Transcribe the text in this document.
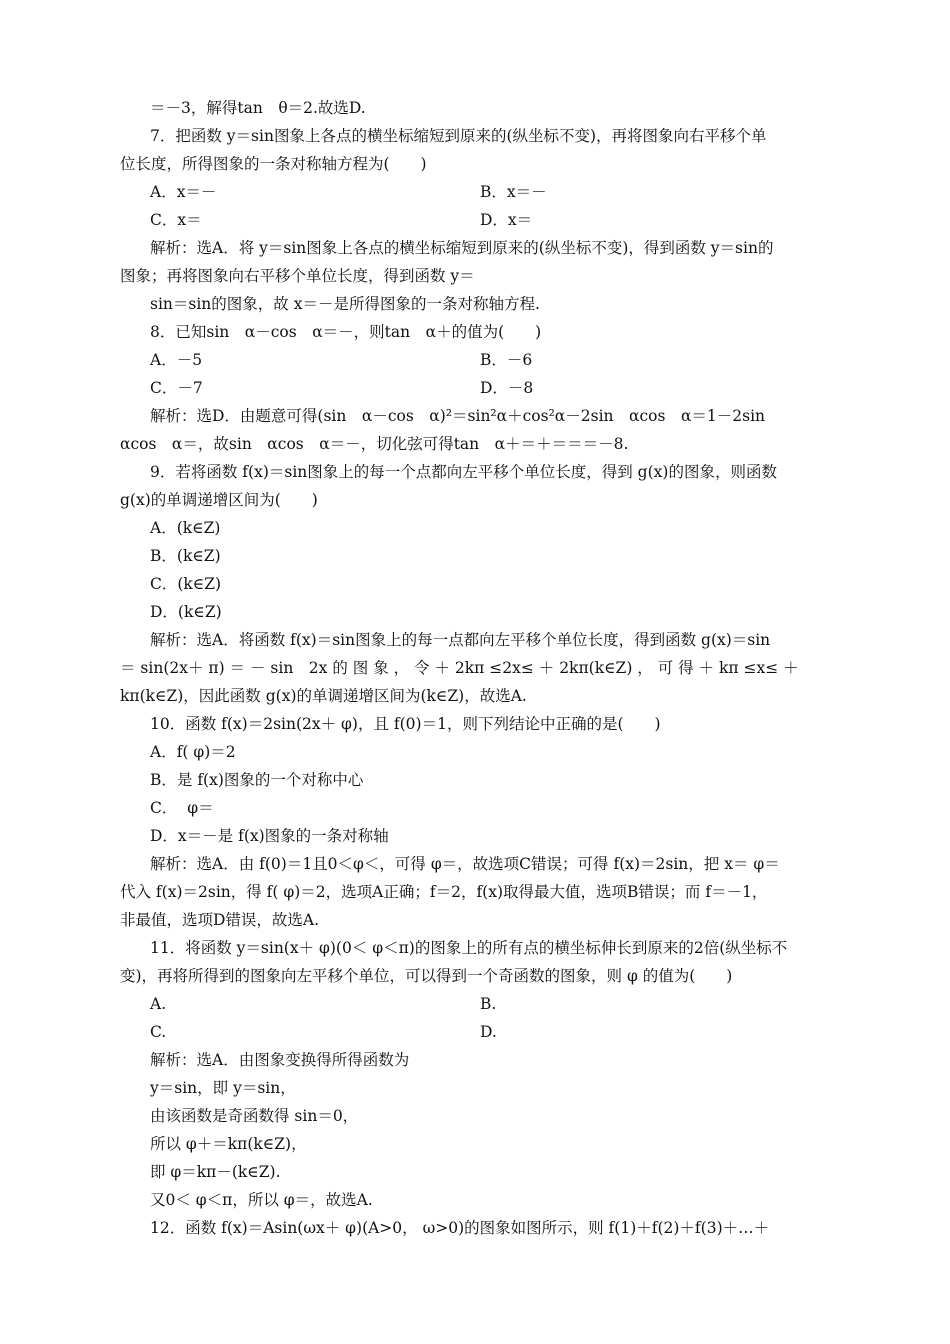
＝－3，解得tan　θ＝2.故选D.
7．把函数 y＝sin图象上各点的横坐标缩短到原来的(纵坐标不变)，再将图象向右平移个单
位长度，所得图象的一条对称轴方程为(　　)
A．x＝－	B．x＝－
C．x＝	D．x＝
解析：选A．将 y＝sin图象上各点的横坐标缩短到原来的(纵坐标不变)，得到函数 y＝sin的
图象；再将图象向右平移个单位长度，得到函数 y＝
sin＝sin的图象，故 x＝－是所得图象的一条对称轴方程.
8．已知sin　α－cos　α＝－，则tan　α＋的值为(　　)
A．－5	B．－6
C．－7	D．－8
解析：选D．由题意可得(sin　α－cos　α)²＝sin²α＋cos²α－2sin　αcos　α＝1－2sin
αcos　α＝，故sin　αcos　α＝－，切化弦可得tan　α＋＝＋＝＝＝－8.
9．若将函数 f(x)＝sin图象上的每一个点都向左平移个单位长度，得到 g(x)的图象，则函数
g(x)的单调递增区间为(　　)
A．(k∈Z)
B．(k∈Z)
C．(k∈Z)
D．(k∈Z)
解析：选A．将函数 f(x)＝sin图象上的每一点都向左平移个单位长度，得到函数 g(x)＝sin
＝ sin(2x＋ π) ＝ － sin　2x 的 图 象 ， 令 ＋ 2kπ ≤2x≤ ＋ 2kπ(k∈Z) ， 可 得 ＋ kπ ≤x≤ ＋
kπ(k∈Z)，因此函数 g(x)的单调递增区间为(k∈Z)，故选A.
10．函数 f(x)＝2sin(2x＋ φ)，且 f(0)＝1，则下列结论中正确的是(　　)
A．f( φ)＝2
B．是 f(x)图象的一个对称中心
C．  φ＝
D．x＝－是 f(x)图象的一条对称轴
解析：选A．由 f(0)＝1且0＜φ＜，可得 φ＝，故选项C错误；可得 f(x)＝2sin，把 x＝ φ＝
代入 f(x)＝2sin，得 f( φ)＝2，选项A正确；f＝2，f(x)取得最大值，选项B错误；而 f＝－1，
非最值，选项D错误，故选A.
11．将函数 y＝sin(x＋ φ)(0＜ φ＜π)的图象上的所有点的横坐标伸长到原来的2倍(纵坐标不
变)，再将所得到的图象向左平移个单位，可以得到一个奇函数的图象，则 φ 的值为(　　)
A.	B.
C.	D.
解析：选A．由图象变换得所得函数为
y＝sin，即 y＝sin，
由该函数是奇函数得 sin＝0，
所以 φ＋＝kπ(k∈Z)，
即 φ＝kπ－(k∈Z).
又0＜ φ＜π，所以 φ＝，故选A.
12．函数 f(x)＝Asin(ωx＋ φ)(A>0， ω>0)的图象如图所示，则 f(1)＋f(2)＋f(3)＋…＋
